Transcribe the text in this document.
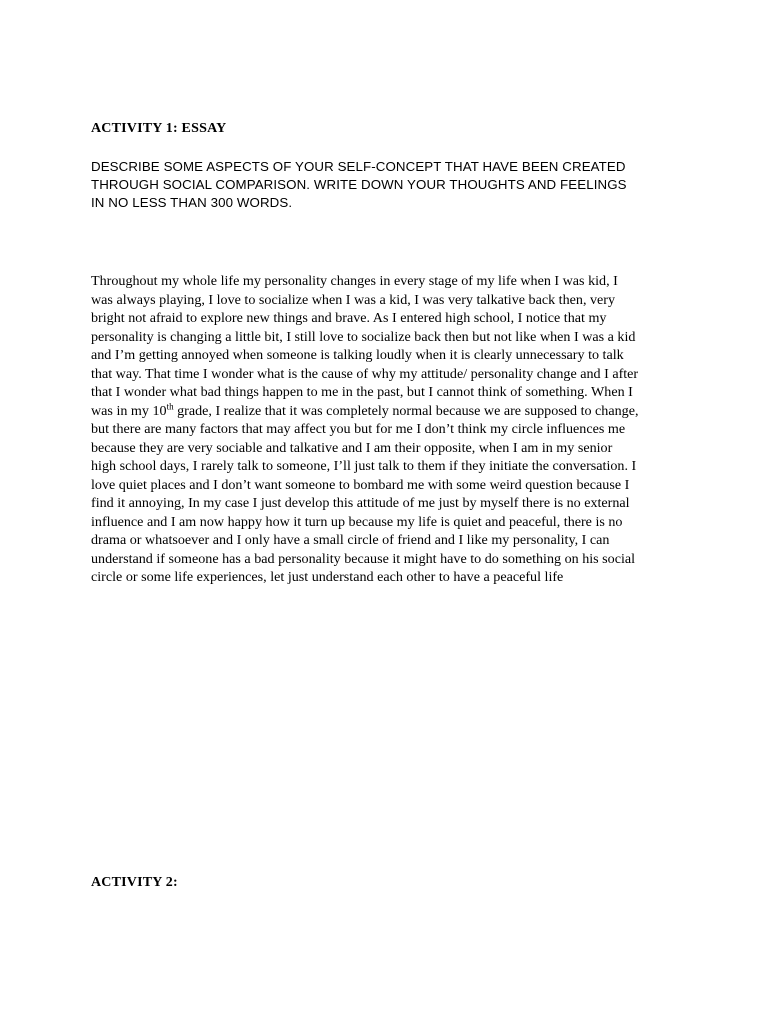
ACTIVITY 1: ESSAY

DESCRIBE SOME ASPECTS OF YOUR SELF-CONCEPT THAT HAVE BEEN CREATED
THROUGH SOCIAL COMPARISON. WRITE DOWN YOUR THOUGHTS AND FEELINGS
IN NO LESS THAN 300 WORDS.

Throughout my whole life my personality changes in every stage of my life when I was kid, I
was always playing, I love to socialize when I was a kid, I was very talkative back then, very
bright not afraid to explore new things and brave. As I entered high school, I notice that my
personality is changing a little bit, I still love to socialize back then but not like when I was a kid
and I’m getting annoyed when someone is talking loudly when it is clearly unnecessary to talk
that way. That time I wonder what is the cause of why my attitude/ personality change and I after
that I wonder what bad things happen to me in the past, but I cannot think of something. When I
was in my 10th grade, I realize that it was completely normal because we are supposed to change,
but there are many factors that may affect you but for me I don’t think my circle influences me
because they are very sociable and talkative and I am their opposite, when I am in my senior
high school days, I rarely talk to someone, I’ll just talk to them if they initiate the conversation. I
love quiet places and I don’t want someone to bombard me with some weird question because I
find it annoying, In my case I just develop this attitude of me just by myself there is no external
influence and I am now happy how it turn up because my life is quiet and peaceful, there is no
drama or whatsoever and I only have a small circle of friend and I like my personality, I can
understand if someone has a bad personality because it might have to do something on his social
circle or some life experiences, let just understand each other to have a peaceful life

ACTIVITY 2:
